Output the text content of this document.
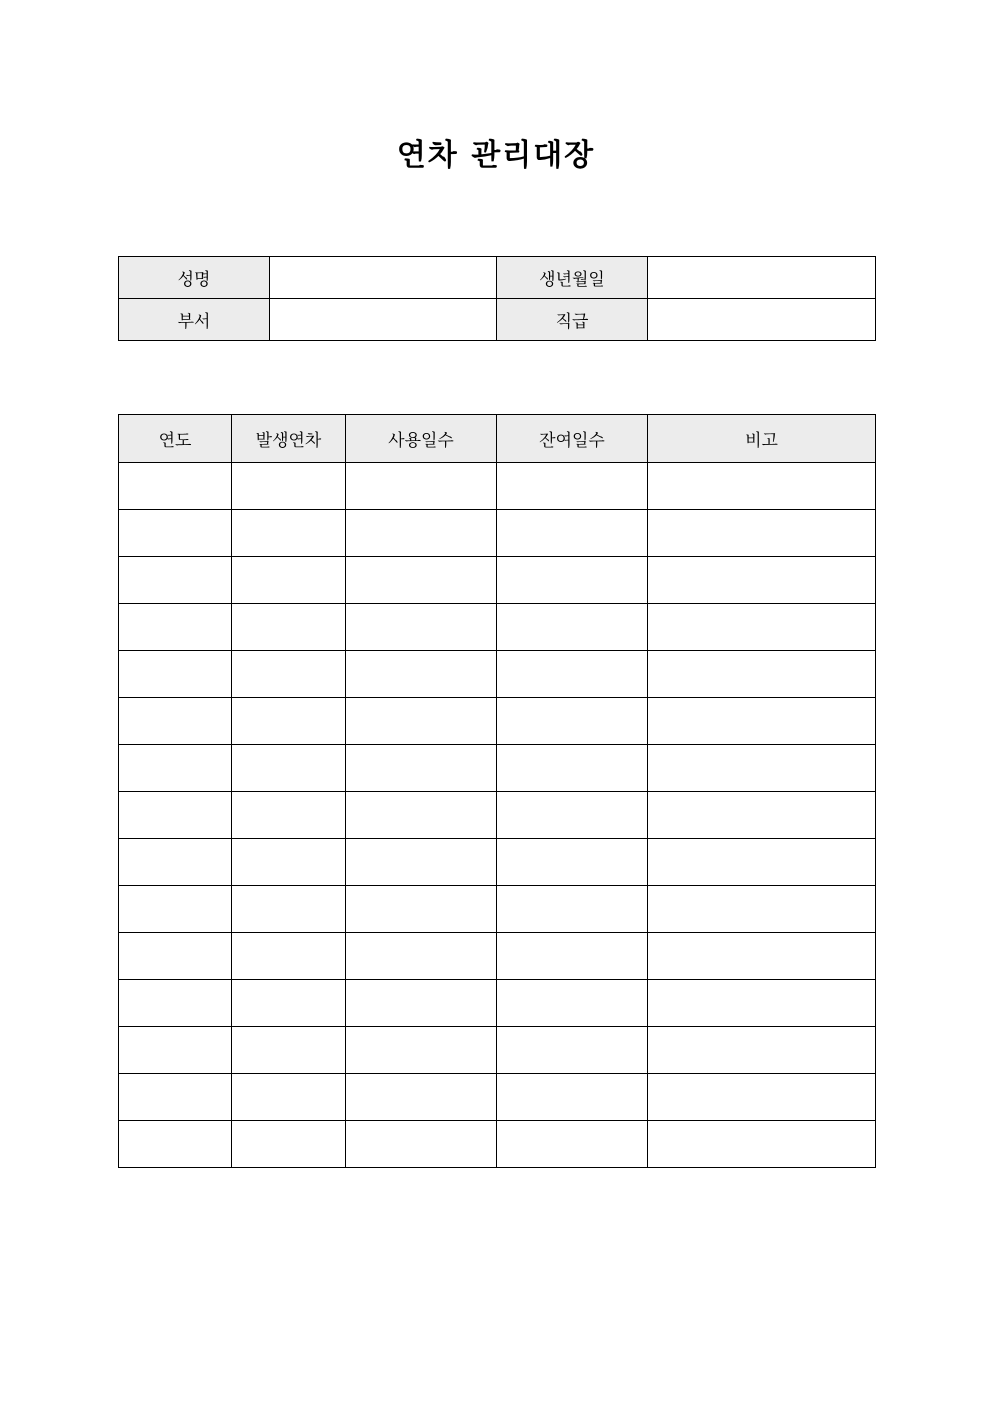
연차 관리대장
성명		생년월일	
부서		직급	
연도	발생연차	사용일수	잔여일수	비고
